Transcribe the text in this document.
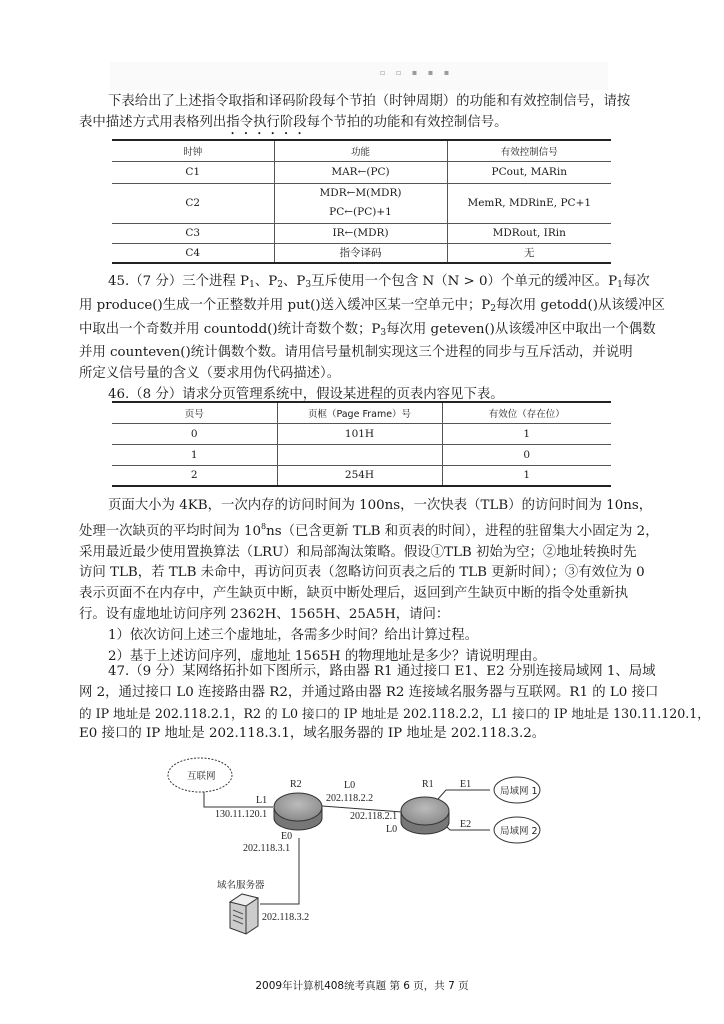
▫ ▫ ▪ ▪ ▪

下表给出了上述指令取指和译码阶段每个节拍（时钟周期）的功能和有效控制信号，请按
表中描述方式用表格列出指令执行阶段每个节拍的功能和有效控制信号。

时钟	功能	有效控制信号
C1	MAR←(PC)	PCout, MARin
C2	MDR←M(MDR)
PC←(PC)+1	MemR, MDRinE, PC+1
C3	IR←(MDR)	MDRout, IRin
C4	指令译码	无

45.（7 分）三个进程 $P_1$、$P_2$、$P_3$互斥使用一个包含 N（N > 0）个单元的缓冲区。$P_1$每次
用 produce()生成一个正整数并用 put()送入缓冲区某一空单元中；$P_2$每次用 getodd()从该缓冲区
中取出一个奇数并用 countodd()统计奇数个数；$P_3$每次用 geteven()从该缓冲区中取出一个偶数
并用 counteven()统计偶数个数。请用信号量机制实现这三个进程的同步与互斥活动，并说明
所定义信号量的含义（要求用伪代码描述）。
46.（8 分）请求分页管理系统中，假设某进程的页表内容见下表。

页号	页框（Page Frame）号	有效位（存在位）
0	101H	1
1		0
2	254H	1

页面大小为 4KB，一次内存的访问时间为 100ns，一次快表（TLB）的访问时间为 10ns，
处理一次缺页的平均时间为 $10^8ns$（已含更新 TLB 和页表的时间），进程的驻留集大小固定为 2，
采用最近最少使用置换算法（LRU）和局部淘汰策略。假设①TLB 初始为空；②地址转换时先
访问 TLB，若 TLB 未命中，再访问页表（忽略访问页表之后的 TLB 更新时间）；③有效位为 0
表示页面不在内存中，产生缺页中断，缺页中断处理后，返回到产生缺页中断的指令处重新执
行。设有虚地址访问序列 2362H、1565H、25A5H，请问：
1）依次访问上述三个虚地址，各需多少时间？给出计算过程。
2）基于上述访问序列，虚地址 1565H 的物理地址是多少？请说明理由。

47.（9 分）某网络拓扑如下图所示，路由器 R1 通过接口 E1、E2 分别连接局域网 1、局域
网 2，通过接口 L0 连接路由器 R2，并通过路由器 R2 连接域名服务器与互联网。R1 的 L0 接口
的 IP 地址是 202.118.2.1，R2 的 L0 接口的 IP 地址是 202.118.2.2，L1 接口的 IP 地址是 130.11.120.1，
E0 接口的 IP 地址是 202.118.3.1，域名服务器的 IP 地址是 202.118.3.2。

互联网
局域网 1
局域网 2
R2	R1
L1
130.11.120.1
L0
202.118.2.2
202.118.2.1
L0
E1
E2
E0
202.118.3.1
域名服务器
202.118.3.2
2009年计算机408统考真题 第 6 页，共 7 页
